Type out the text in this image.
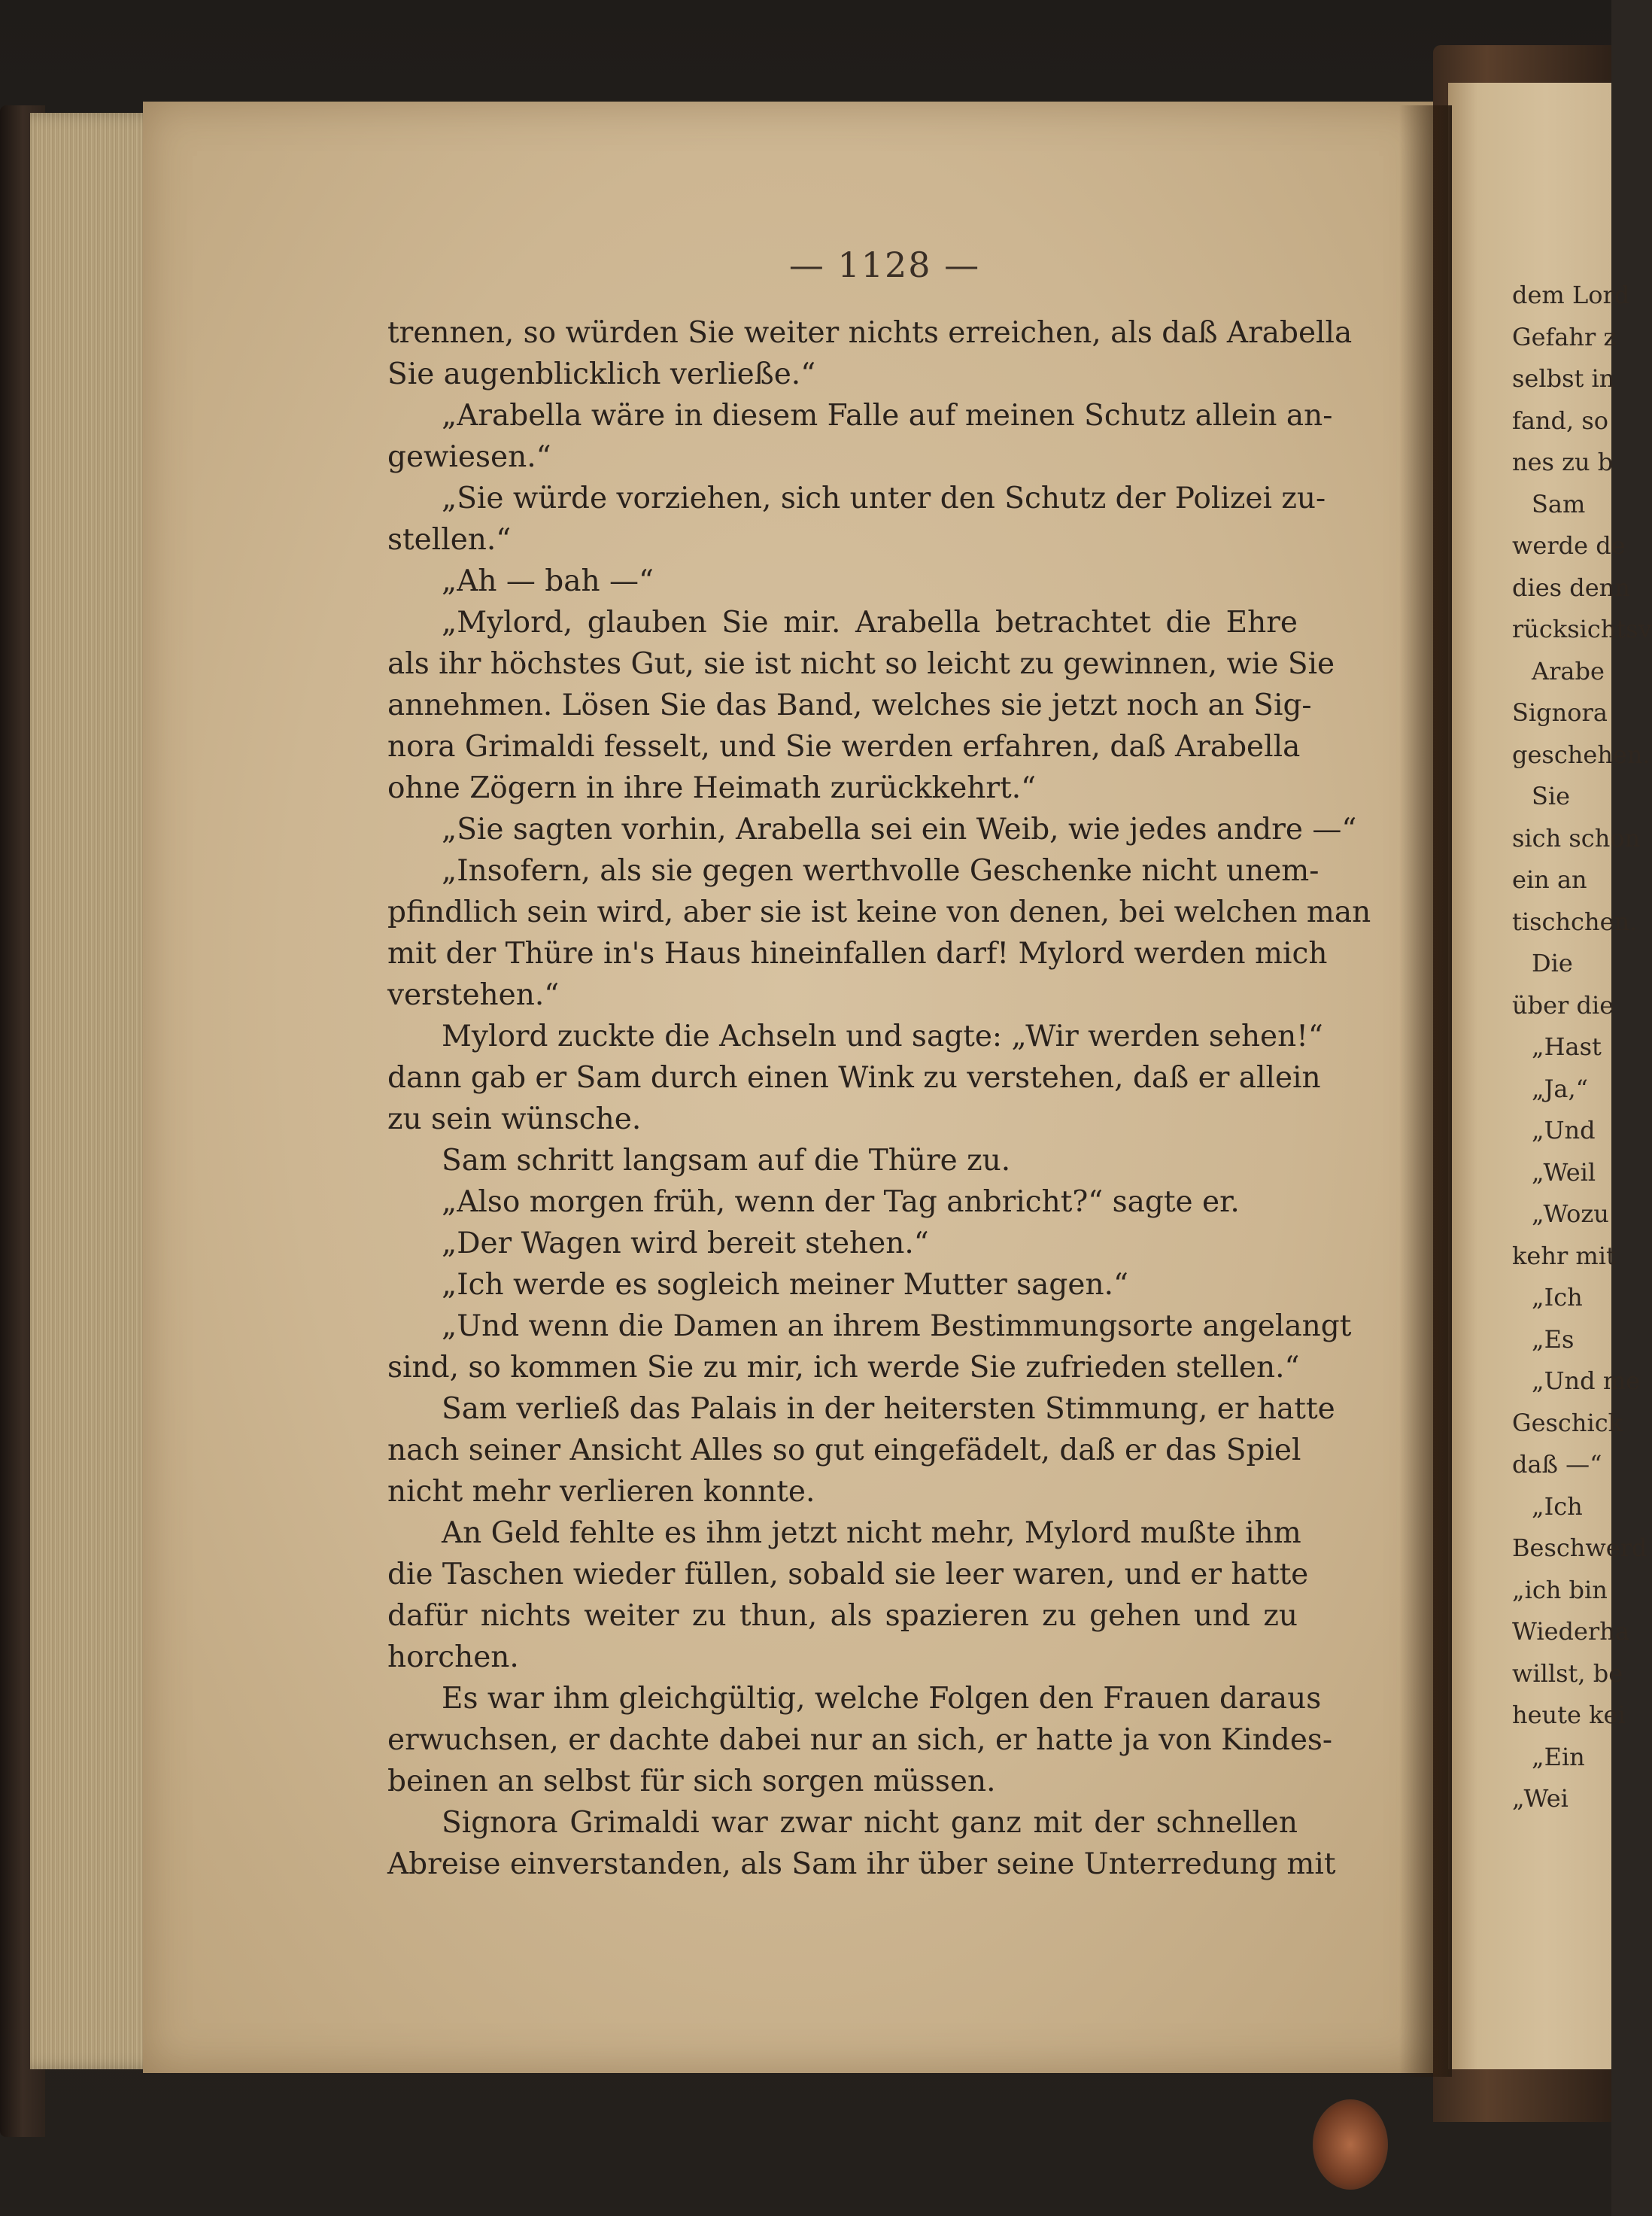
— 1128 —
trennen, so würden Sie weiter nichts erreichen, als daß Arabella
Sie augenblicklich verließe.“
„Arabella wäre in diesem Falle auf meinen Schutz allein an-
gewiesen.“
„Sie würde vorziehen, sich unter den Schutz der Polizei zu-
stellen.“
„Ah — bah —“
„Mylord, glauben Sie mir. Arabella betrachtet die Ehre
als ihr höchstes Gut, sie ist nicht so leicht zu gewinnen, wie Sie
annehmen. Lösen Sie das Band, welches sie jetzt noch an Sig-
nora Grimaldi fesselt, und Sie werden erfahren, daß Arabella
ohne Zögern in ihre Heimath zurückkehrt.“
„Sie sagten vorhin, Arabella sei ein Weib, wie jedes andre —“
„Insofern, als sie gegen werthvolle Geschenke nicht unem-
pfindlich sein wird, aber sie ist keine von denen, bei welchen man
mit der Thüre in's Haus hineinfallen darf! Mylord werden mich
verstehen.“
Mylord zuckte die Achseln und sagte: „Wir werden sehen!“
dann gab er Sam durch einen Wink zu verstehen, daß er allein
zu sein wünsche.
Sam schritt langsam auf die Thüre zu.
„Also morgen früh, wenn der Tag anbricht?“ sagte er.
„Der Wagen wird bereit stehen.“
„Ich werde es sogleich meiner Mutter sagen.“
„Und wenn die Damen an ihrem Bestimmungsorte angelangt
sind, so kommen Sie zu mir, ich werde Sie zufrieden stellen.“
Sam verließ das Palais in der heitersten Stimmung, er hatte
nach seiner Ansicht Alles so gut eingefädelt, daß er das Spiel
nicht mehr verlieren konnte.
An Geld fehlte es ihm jetzt nicht mehr, Mylord mußte ihm
die Taschen wieder füllen, sobald sie leer waren, und er hatte
dafür nichts weiter zu thun, als spazieren zu gehen und zu
horchen.
Es war ihm gleichgültig, welche Folgen den Frauen daraus
erwuchsen, er dachte dabei nur an sich, er hatte ja von Kindes-
beinen an selbst für sich sorgen müssen.
Signora Grimaldi war zwar nicht ganz mit der schnellen
Abreise einverstanden, als Sam ihr über seine Unterredung mit
dem Lord
Gefahr z
selbst in
fand, so
nes zu b
Sam
werde de
dies denn
rücksichtsv
Arabe
Signora
geschehen.
Sie
sich schon
ein an
tischchen.
Die
über die
„Hast
„Ja,“
„Und
„Weil
„Wozu
kehr mit
„Ich
„Es
„Und me
Geschick
daß —“
„Ich
Beschwerd
„ich bin
Wiederha
willst, be
heute kei
„Ein
„Wei
